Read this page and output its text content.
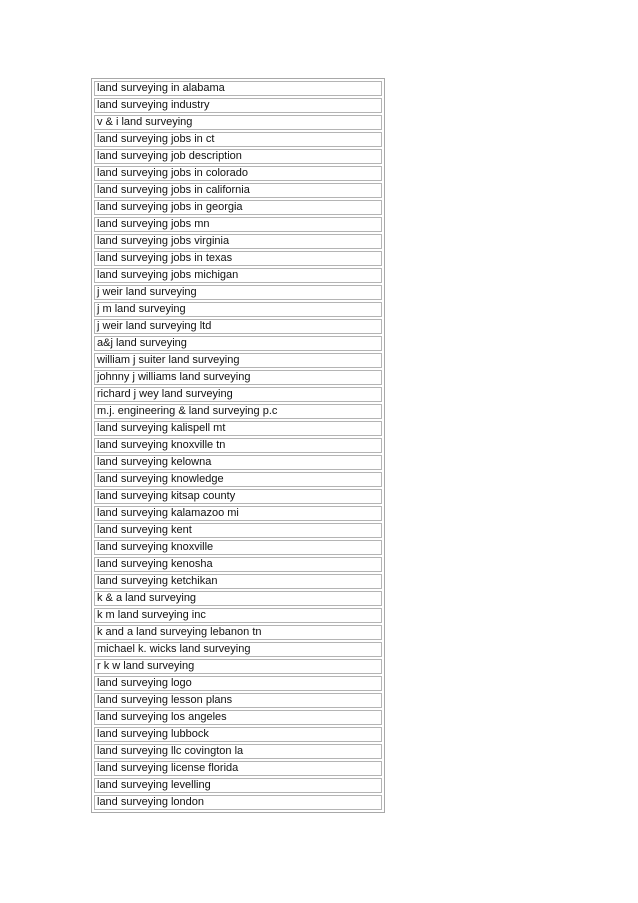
land surveying in alabama
land surveying industry
v & i land surveying
land surveying jobs in ct
land surveying job description
land surveying jobs in colorado
land surveying jobs in california
land surveying jobs in georgia
land surveying jobs mn
land surveying jobs virginia
land surveying jobs in texas
land surveying jobs michigan
j weir land surveying
j m land surveying
j weir land surveying ltd
a&j land surveying
william j suiter land surveying
johnny j williams land surveying
richard j wey land surveying
m.j. engineering & land surveying p.c
land surveying kalispell mt
land surveying knoxville tn
land surveying kelowna
land surveying knowledge
land surveying kitsap county
land surveying kalamazoo mi
land surveying kent
land surveying knoxville
land surveying kenosha
land surveying ketchikan
k & a land surveying
k m land surveying inc
k and a land surveying lebanon tn
michael k. wicks land surveying
r k w land surveying
land surveying logo
land surveying lesson plans
land surveying los angeles
land surveying lubbock
land surveying llc covington la
land surveying license florida
land surveying levelling
land surveying london
